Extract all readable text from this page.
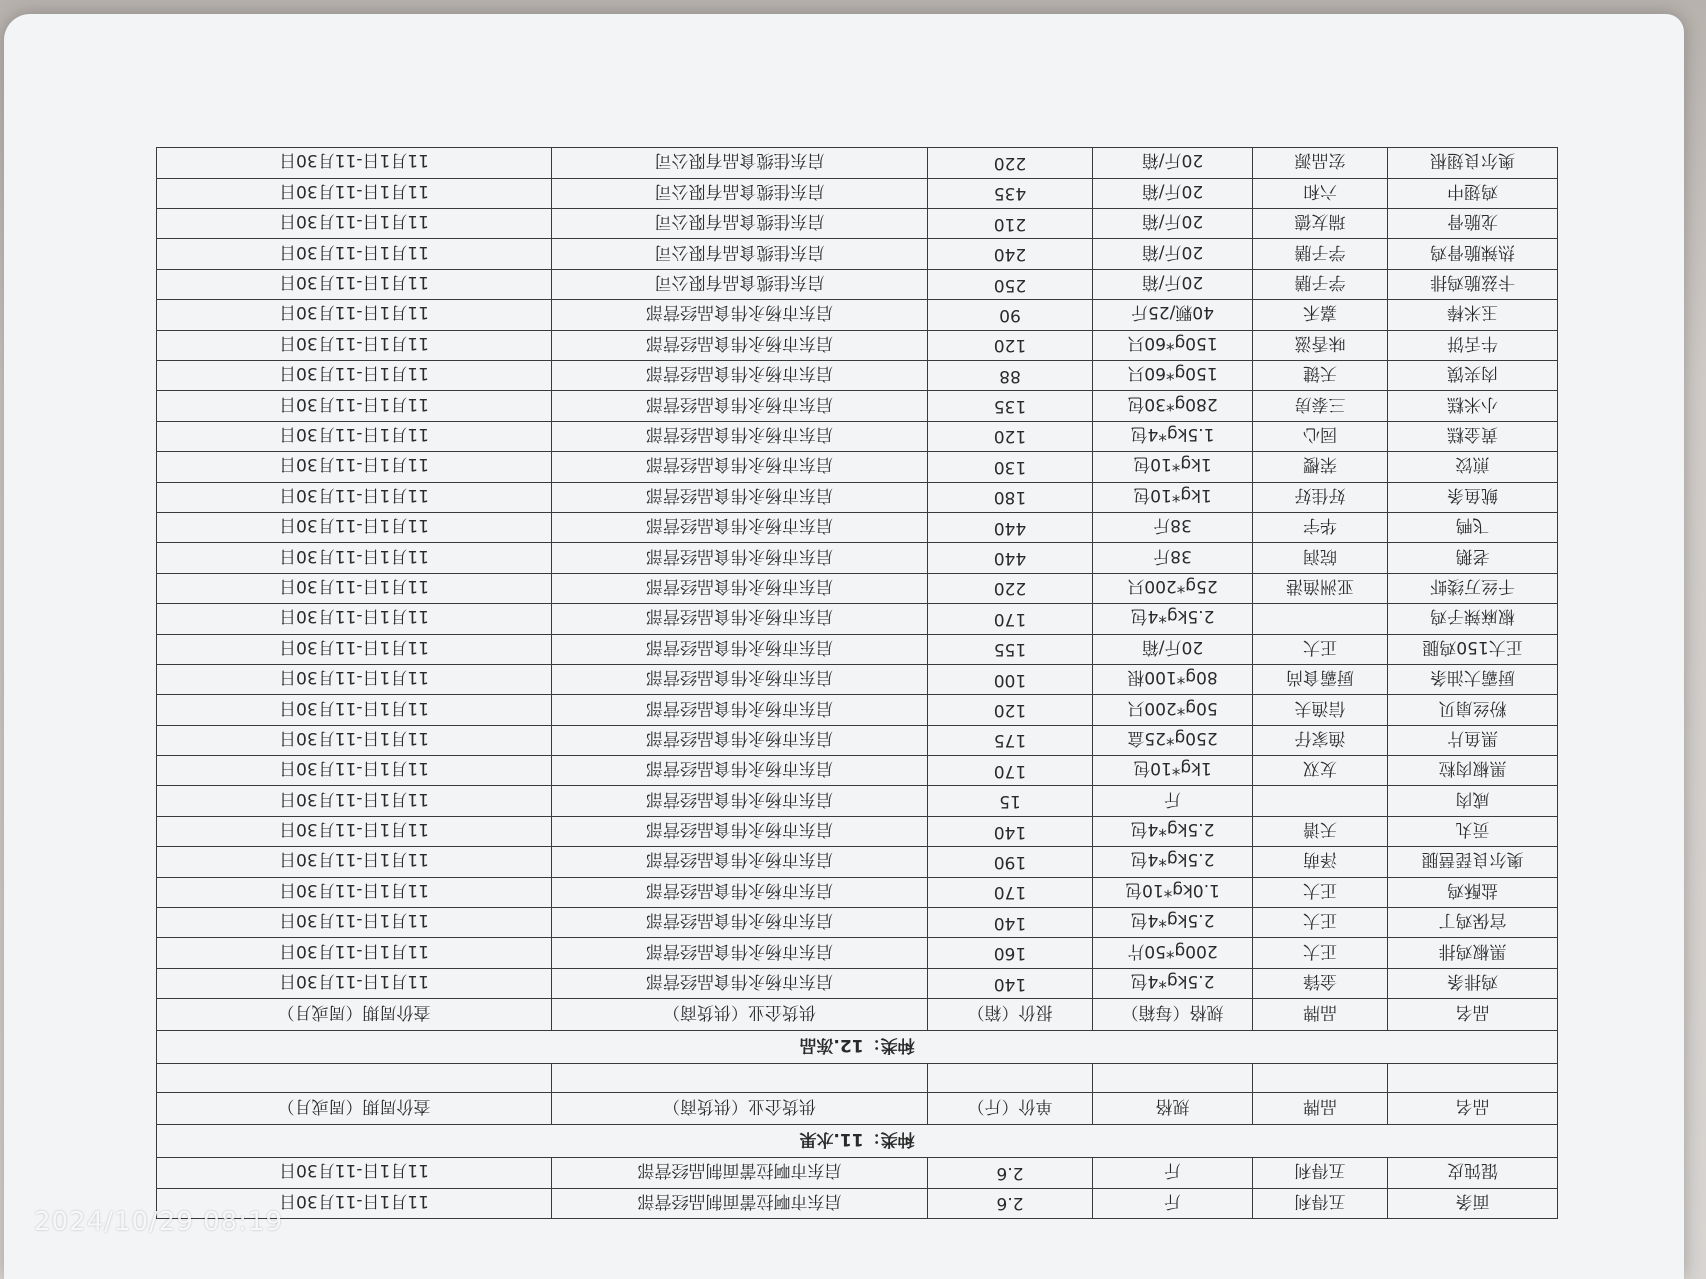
面条	五得利	斤	2.6	启东市啊拉蕾面制品经营部	11月1日-11月30日
馄饨皮	五得利	斤	2.6	启东市啊拉蕾面制品经营部	11月1日-11月30日
种类：11.水果					
品名	品牌	规格	单价（斤）	供货企业（供货商）	查价周期（周或月）

种类：12.冻品					
品名	品牌	规格（每箱）	报价（箱）	供货企业（供货商）	查价周期（周或月）
鸡排条	金锋	2.5kg*4包	140	启东市杨永伟食品经营部	11月1日-11月30日
黑椒鸡排	正大	200g*50片	160	启东市杨永伟食品经营部	11月1日-11月30日
宫保鸡丁	正大	2.5kg*4包	140	启东市杨永伟食品经营部	11月1日-11月30日
盐酥鸡	正大	1.0kg*10包	170	启东市杨永伟食品经营部	11月1日-11月30日
奥尔良琵琶腿	泽萌	2.5kg*4包	190	启东市杨永伟食品经营部	11月1日-11月30日
贡丸	天谱	2.5kg*4包	140	启东市杨永伟食品经营部	11月1日-11月30日
咸肉		斤	15	启东市杨永伟食品经营部	11月1日-11月30日
黑椒肉粒	友双	1kg*10包	170	启东市杨永伟食品经营部	11月1日-11月30日
黑鱼片	渔家仔	250g*25盒	175	启东市杨永伟食品经营部	11月1日-11月30日
粉丝扇贝	信渔夫	50g*200只	120	启东市杨永伟食品经营部	11月1日-11月30日
厨霸大油条	厨霸食尚	80g*100根	100	启东市杨永伟食品经营部	11月1日-11月30日
正大150鸡腿	正大	20斤/箱	155	启东市杨永伟食品经营部	11月1日-11月30日
椒麻辣子鸡		2.5kg*4包	170	启东市杨永伟食品经营部	11月1日-11月30日
千丝万缕虾	亚洲渔港	25g*200只	220	启东市杨永伟食品经营部	11月1日-11月30日
老鹅	皖润	38斤	440	启东市杨永伟食品经营部	11月1日-11月30日
飞鸭	华宇	38斤	440	启东市杨永伟食品经营部	11月1日-11月30日
鱿鱼条	好佳好	1kg*10包	180	启东市杨永伟食品经营部	11月1日-11月30日
煎饺	荣樱	1kg*10包	130	启东市杨永伟食品经营部	11月1日-11月30日
黄金糕	园心	1.5kg*4包	120	启东市杨永伟食品经营部	11月1日-11月30日
小米糕	三泰房	280g*30包	135	启东市杨永伟食品经营部	11月1日-11月30日
肉夹馍	天键	150g*60只	88	启东市杨永伟食品经营部	11月1日-11月30日
牛舌饼	味香滋	150g*60只	120	启东市杨永伟食品经营部	11月1日-11月30日
玉米棒	嘉禾	40颗/25斤	90	启东市杨永伟食品经营部	11月1日-11月30日
卡兹脆鸡排	学子膳	20斤/箱	250	启东佳缆食品有限公司	11月1日-11月30日
热辣脆骨鸡	学子膳	20斤/箱	240	启东佳缆食品有限公司	11月1日-11月30日
龙脆骨	瑞友德	20斤/箱	210	启东佳缆食品有限公司	11月1日-11月30日
鸡翅中	六和	20斤/箱	435	启东佳缆食品有限公司	11月1日-11月30日
奥尔良翅根	宏品源	20斤/箱	220	启东佳缆食品有限公司	11月1日-11月30日
2024/10/29 08:19
